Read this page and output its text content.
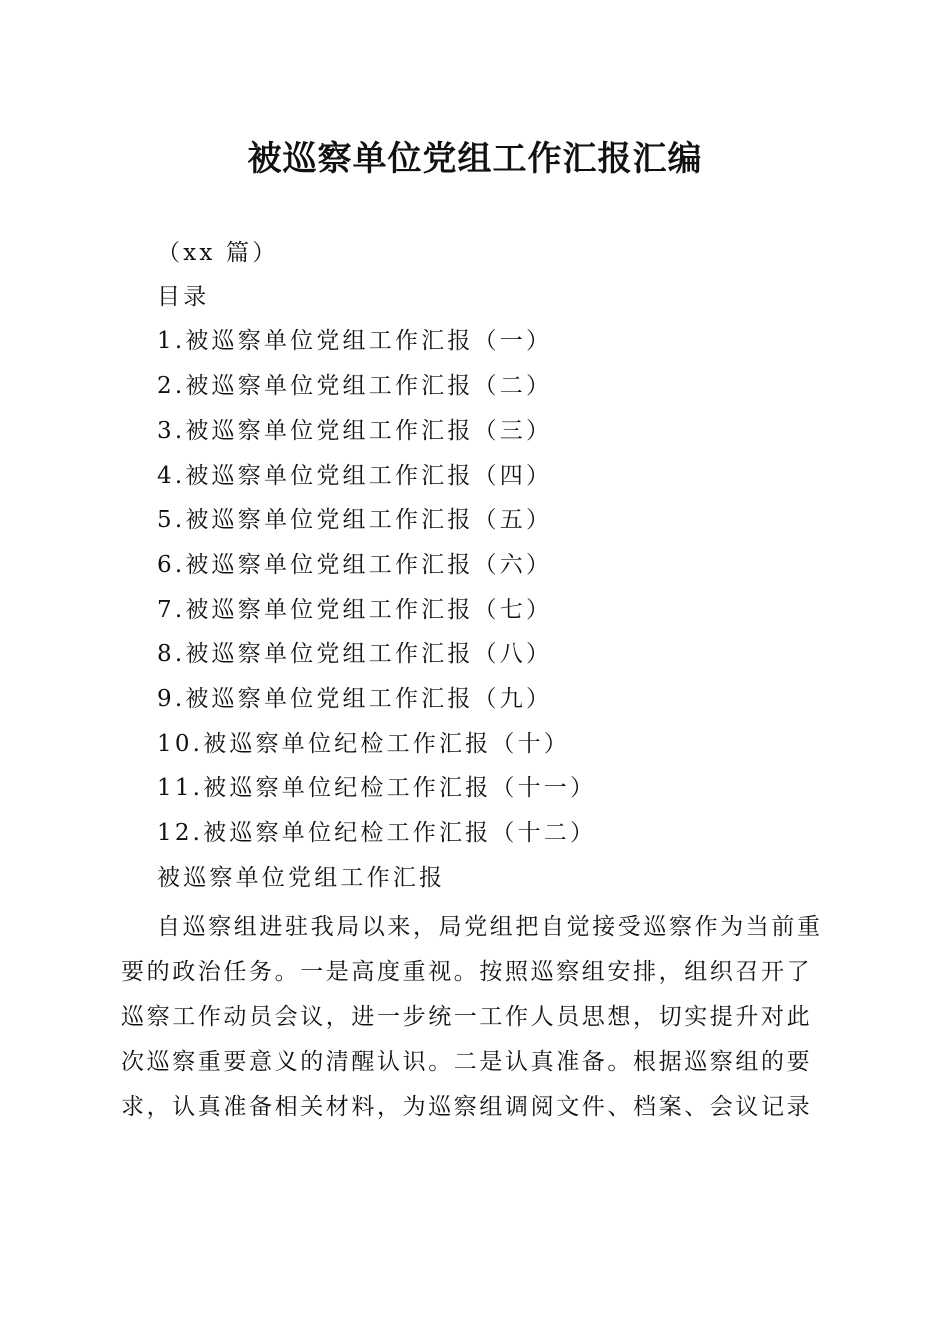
被巡察单位党组工作汇报汇编
（xx 篇）
目录
1.被巡察单位党组工作汇报（一）
2.被巡察单位党组工作汇报（二）
3.被巡察单位党组工作汇报（三）
4.被巡察单位党组工作汇报（四）
5.被巡察单位党组工作汇报（五）
6.被巡察单位党组工作汇报（六）
7.被巡察单位党组工作汇报（七）
8.被巡察单位党组工作汇报（八）
9.被巡察单位党组工作汇报（九）
10.被巡察单位纪检工作汇报（十）
11.被巡察单位纪检工作汇报（十一）
12.被巡察单位纪检工作汇报（十二）
被巡察单位党组工作汇报
自巡察组进驻我局以来，局党组把自觉接受巡察作为当前重
要的政治任务。一是高度重视。按照巡察组安排，组织召开了
巡察工作动员会议，进一步统一工作人员思想，切实提升对此
次巡察重要意义的清醒认识。二是认真准备。根据巡察组的要
求，认真准备相关材料，为巡察组调阅文件、档案、会议记录
